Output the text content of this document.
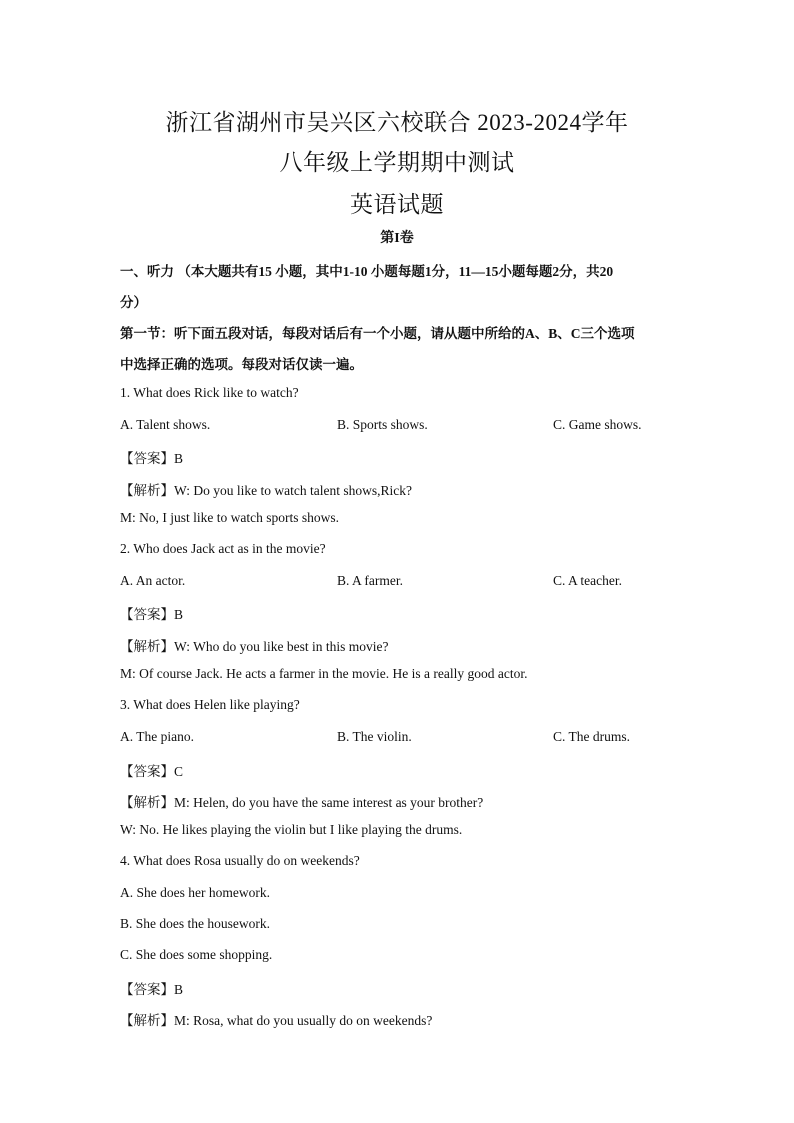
浙江省湖州市吴兴区六校联合 2023-2024学年
八年级上学期期中测试
英语试题
第I卷
一、听力 （本大题共有15 小题，其中1-10 小题每题1分，11—15小题每题2分，共20
分）
第一节：听下面五段对话，每段对话后有一个小题，请从题中所给的A、B、C三个选项
中选择正确的选项。每段对话仅读一遍。
1. What does Rick like to watch?
A. Talent shows.	B. Sports shows.	C. Game shows.
【答案】B
【解析】W: Do you like to watch talent shows,Rick?
M: No, I just like to watch sports shows.
2. Who does Jack act as in the movie?
A. An actor.	B. A farmer.	C. A teacher.
【答案】B
【解析】W: Who do you like best in this movie?
M: Of course Jack. He acts a farmer in the movie. He is a really good actor.
3. What does Helen like playing?
A. The piano.	B. The violin.	C. The drums.
【答案】C
【解析】M: Helen, do you have the same interest as your brother?
W: No. He likes playing the violin but I like playing the drums.
4. What does Rosa usually do on weekends?
A. She does her homework.
B. She does the housework.
C. She does some shopping.
【答案】B
【解析】M: Rosa, what do you usually do on weekends?
